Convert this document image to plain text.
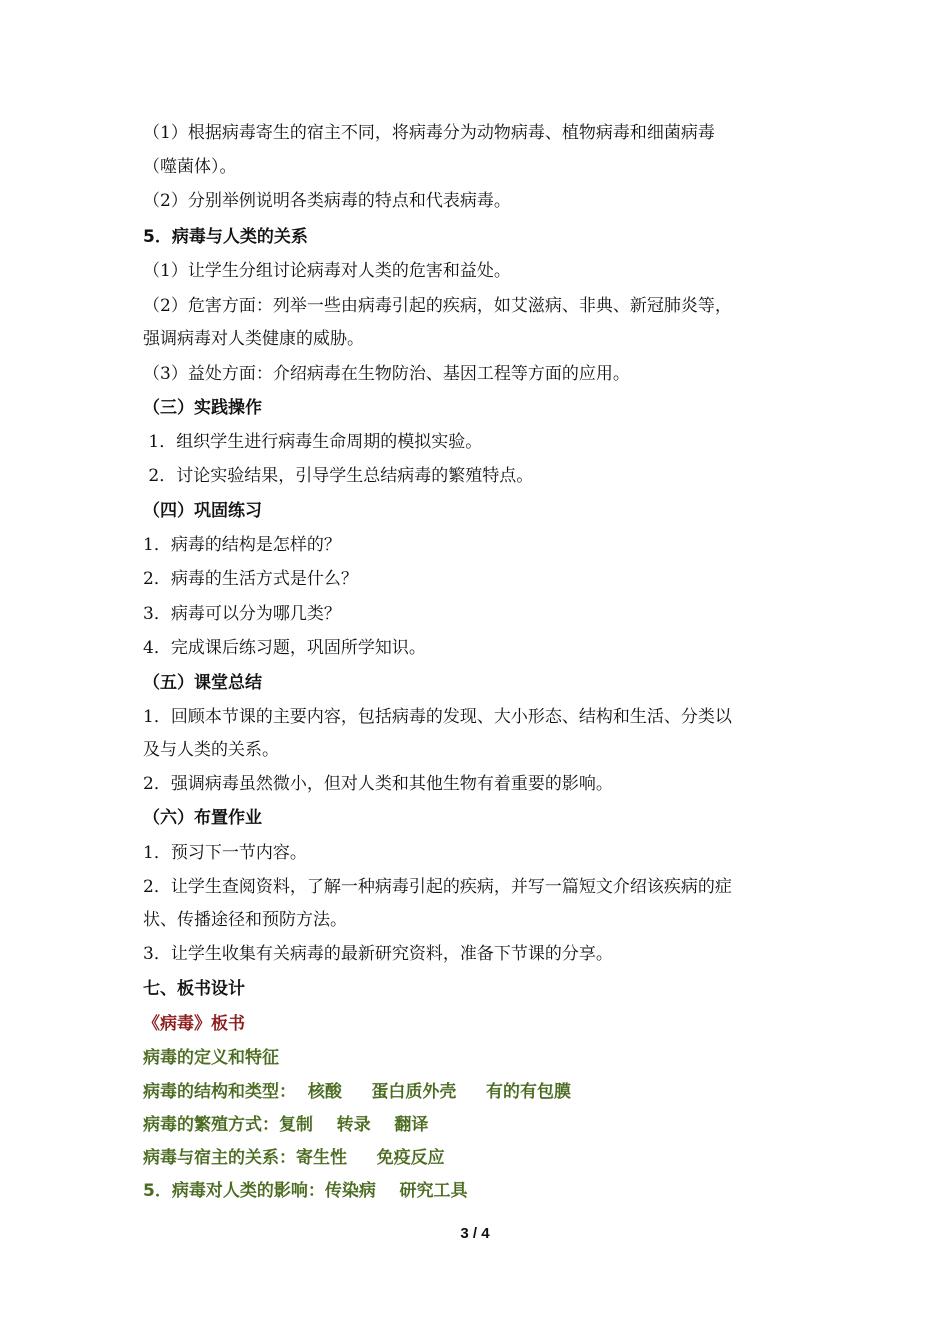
（1）根据病毒寄生的宿主不同，将病毒分为动物病毒、植物病毒和细菌病毒
（噬菌体）。
（2）分别举例说明各类病毒的特点和代表病毒。
5．病毒与人类的关系
（1）让学生分组讨论病毒对人类的危害和益处。
（2）危害方面：列举一些由病毒引起的疾病，如艾滋病、非典、新冠肺炎等，
强调病毒对人类健康的威胁。
（3）益处方面：介绍病毒在生物防治、基因工程等方面的应用。
（三）实践操作
1．组织学生进行病毒生命周期的模拟实验。
2．讨论实验结果，引导学生总结病毒的繁殖特点。
（四）巩固练习
1．病毒的结构是怎样的？
2．病毒的生活方式是什么？
3．病毒可以分为哪几类？
4．完成课后练习题，巩固所学知识。
（五）课堂总结
1．回顾本节课的主要内容，包括病毒的发现、大小形态、结构和生活、分类以
及与人类的关系。
2．强调病毒虽然微小，但对人类和其他生物有着重要的影响。
（六）布置作业
1．预习下一节内容。
2．让学生查阅资料，了解一种病毒引起的疾病，并写一篇短文介绍该疾病的症
状、传播途径和预防方法。
3．让学生收集有关病毒的最新研究资料，准备下节课的分享。
七、板书设计
《病毒》板书
病毒的定义和特征
病毒的结构和类型：  核酸     蛋白质外壳     有的有包膜
病毒的繁殖方式：复制    转录    翻译
病毒与宿主的关系：寄生性     免疫反应
5．病毒对人类的影响：传染病    研究工具
3 / 4
